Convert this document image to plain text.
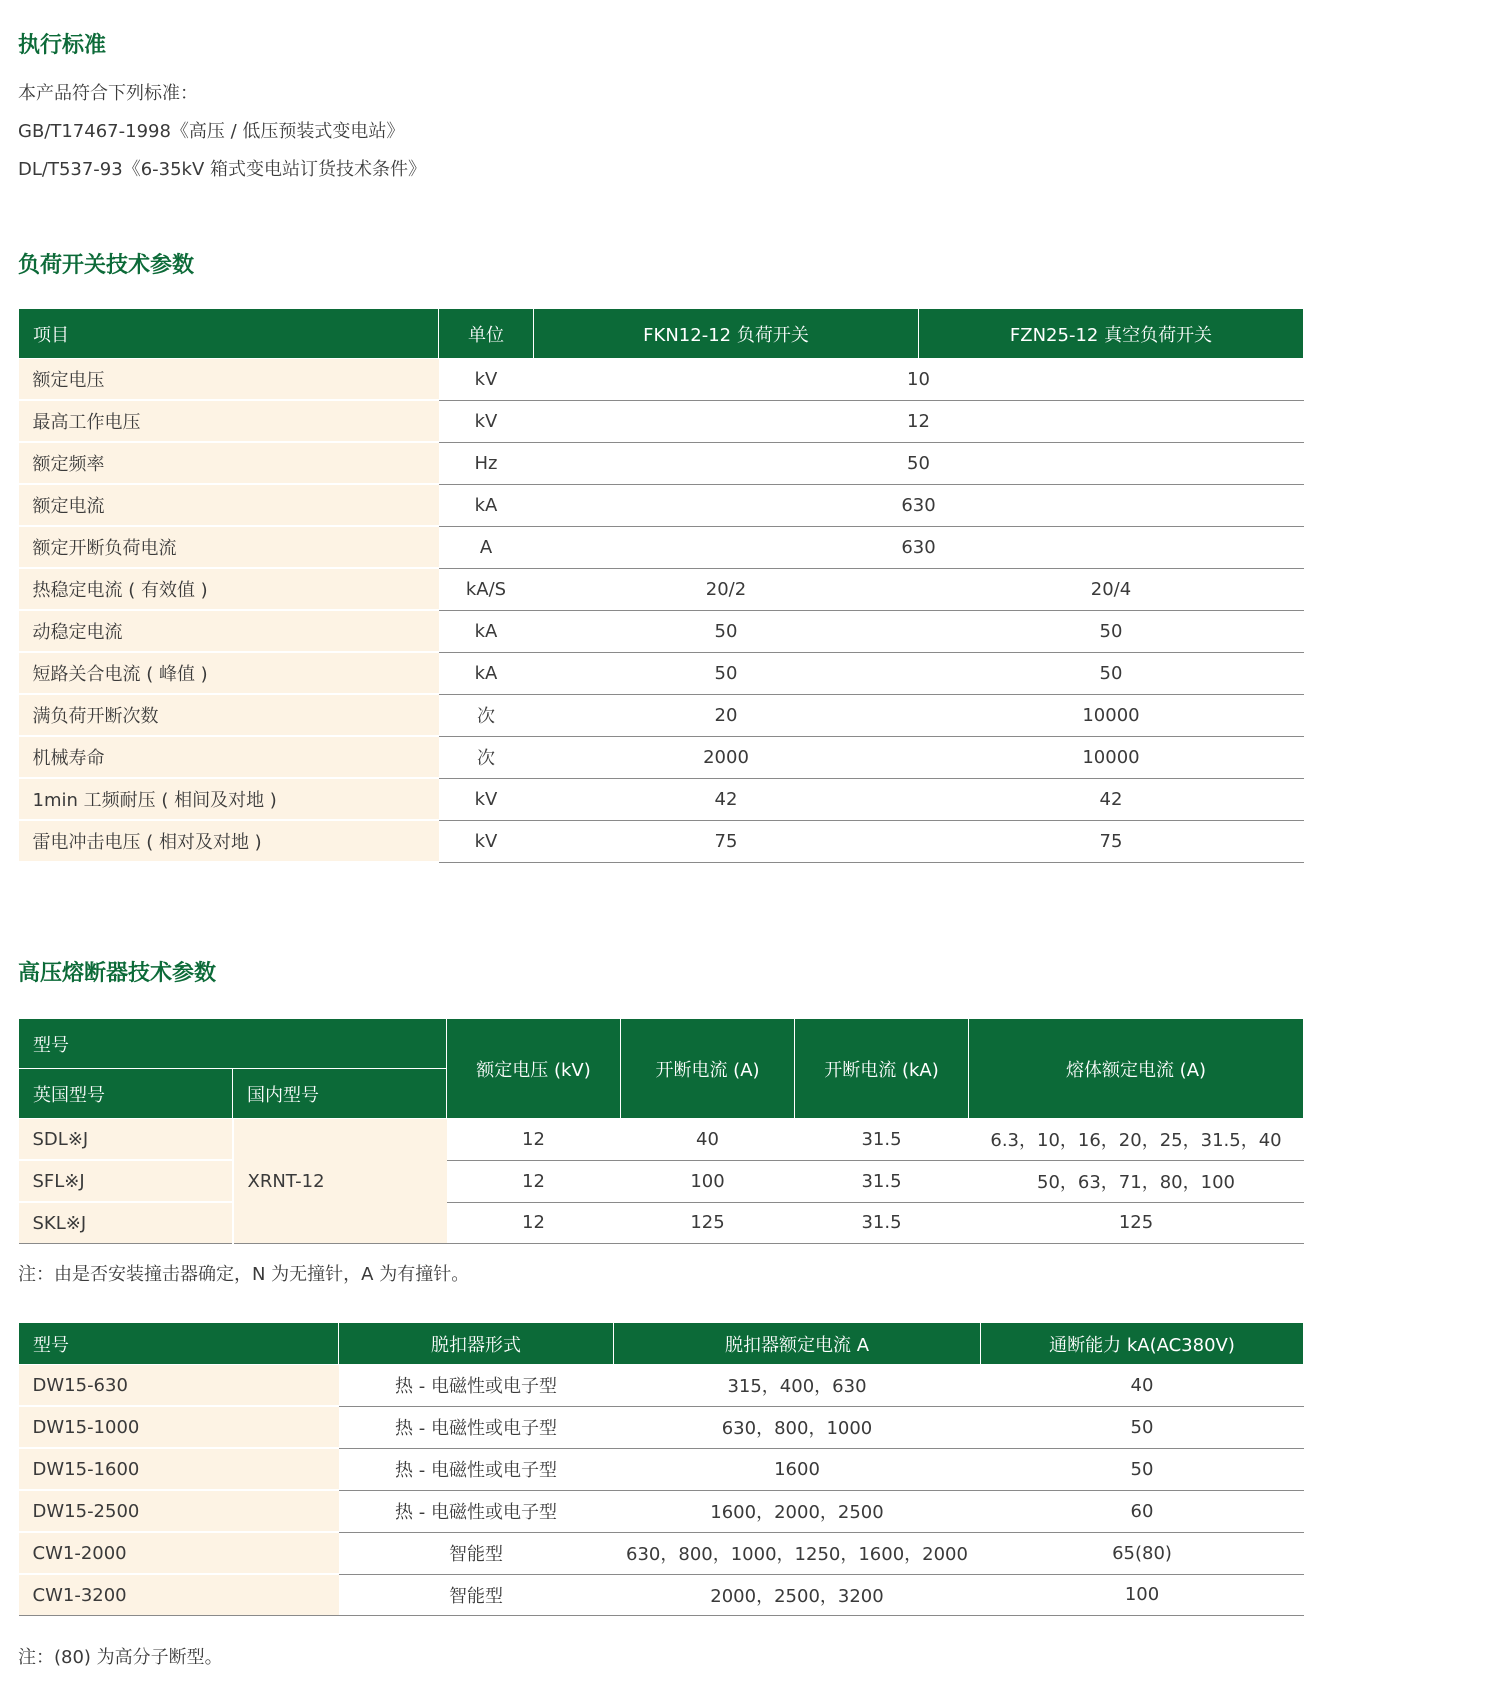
执行标准

本产品符合下列标准：

GB/T17467-1998《高压 / 低压预装式变电站》

DL/T537-93《6-35kV 箱式变电站订货技术条件》

负荷开关技术参数
项目	单位	FKN12-12 负荷开关	FZN25-12 真空负荷开关
额定电压	kV	10	
最高工作电压	kV	12	
额定频率	Hz	50	
额定电流	kA	630	
额定开断负荷电流	A	630	
热稳定电流 ( 有效值 )	kA/S	20/2	20/4
动稳定电流	kA	50	50
短路关合电流 ( 峰值 )	kA	50	50
满负荷开断次数	次	20	10000
机械寿命	次	2000	10000
1min 工频耐压 ( 相间及对地 )	kV	42	42
雷电冲击电压 ( 相对及对地 )	kV	75	75
高压熔断器技术参数
型号		额定电压 (kV)	开断电流 (A)	开断电流 (kA)	熔体额定电流 (A)
英国型号	国内型号				
SDL※J	XRNT-12	12	40	31.5	6.3，10，16，20，25，31.5，40
SFL※J		12	100	31.5	50，63，71，80，100
SKL※J		12	125	31.5	125

注：由是否安装撞击器确定，N 为无撞针，A 为有撞针。

型号	脱扣器形式	脱扣器额定电流 A	通断能力 kA(AC380V)
DW15-630	热 - 电磁性或电子型	315，400，630	40
DW15-1000	热 - 电磁性或电子型	630，800，1000	50
DW15-1600	热 - 电磁性或电子型	1600	50
DW15-2500	热 - 电磁性或电子型	1600，2000，2500	60
CW1-2000	智能型	630，800，1000，1250，1600，2000	65(80)
CW1-3200	智能型	2000，2500，3200	100

注：(80) 为高分子断型。
